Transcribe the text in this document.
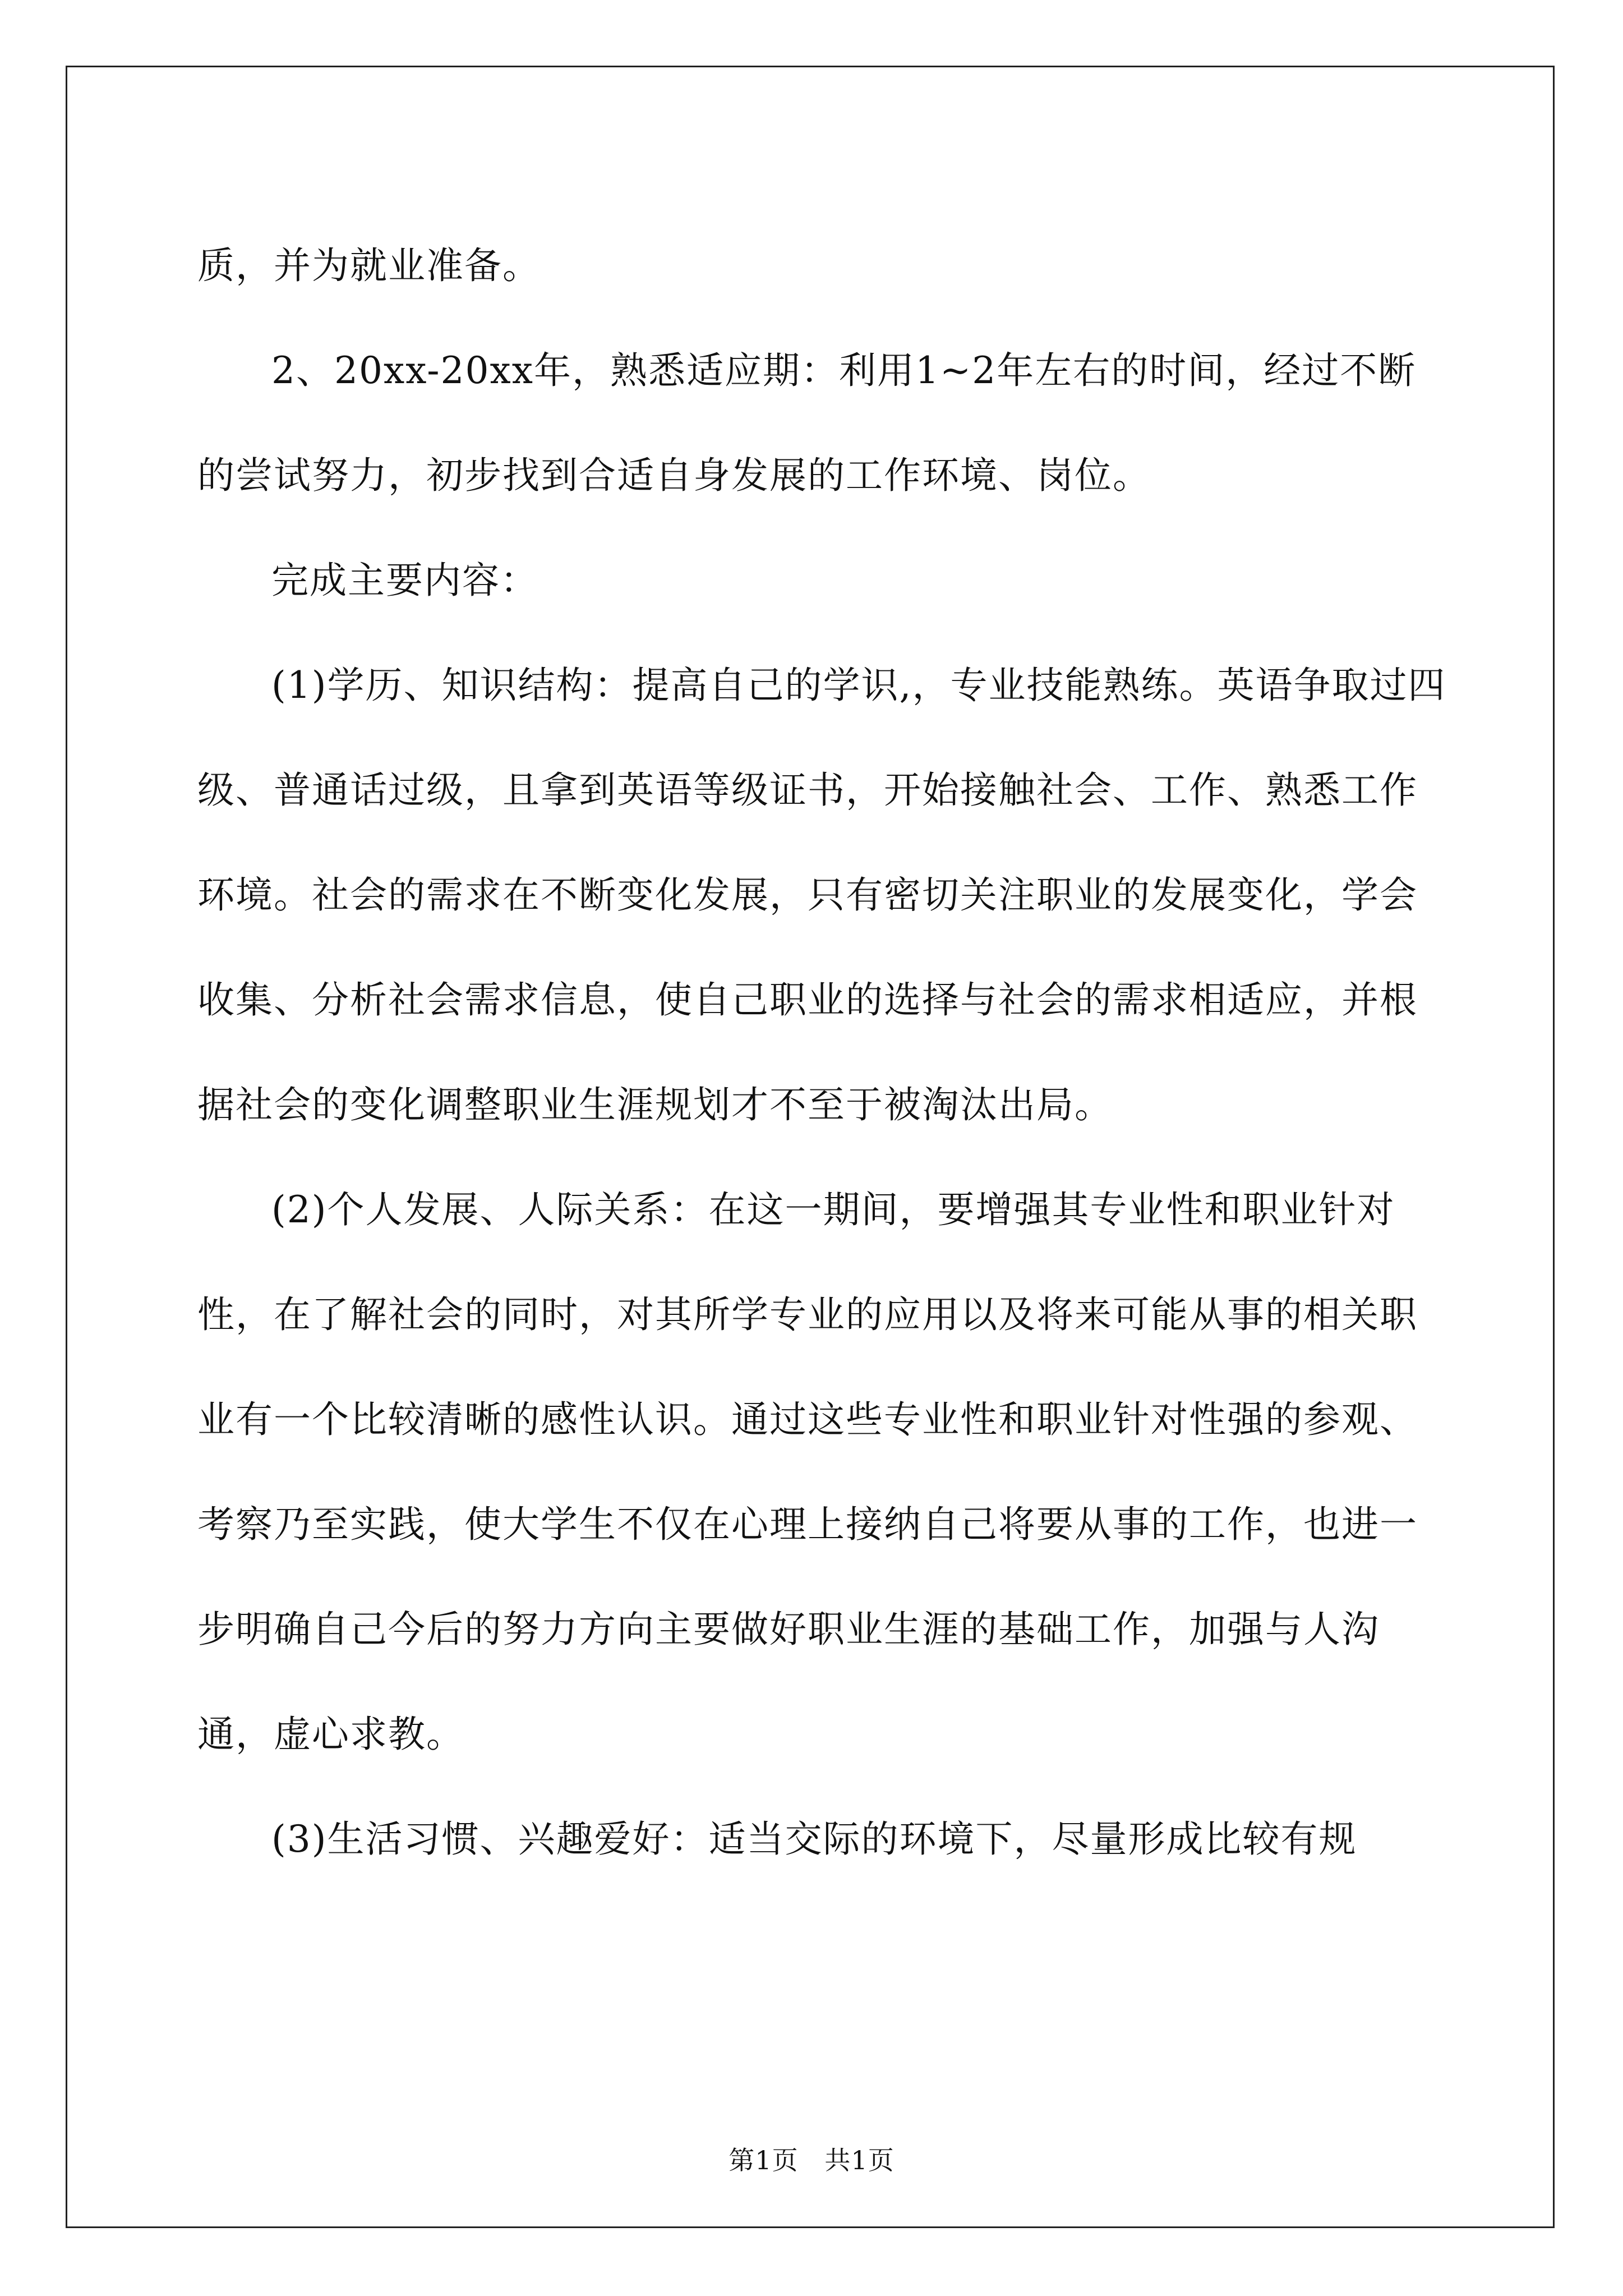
质，并为就业准备。

2、20xx-20xx年，熟悉适应期：利用1~2年左右的时间，经过不断的尝试努力，初步找到合适自身发展的工作环境、岗位。

完成主要内容：

(1)学历、知识结构：提高自己的学识,，专业技能熟练。英语争取过四级、普通话过级，且拿到英语等级证书，开始接触社会、工作、熟悉工作环境。社会的需求在不断变化发展，只有密切关注职业的发展变化，学会收集、分析社会需求信息，使自己职业的选择与社会的需求相适应，并根据社会的变化调整职业生涯规划才不至于被淘汰出局。

(2)个人发展、人际关系：在这一期间，要增强其专业性和职业针对性，在了解社会的同时，对其所学专业的应用以及将来可能从事的相关职业有一个比较清晰的感性认识。通过这些专业性和职业针对性强的参观、考察乃至实践，使大学生不仅在心理上接纳自己将要从事的工作，也进一步明确自己今后的努力方向主要做好职业生涯的基础工作，加强与人沟通，虚心求教。

(3)生活习惯、兴趣爱好：适当交际的环境下，尽量形成比较有规

第1页   共1页
